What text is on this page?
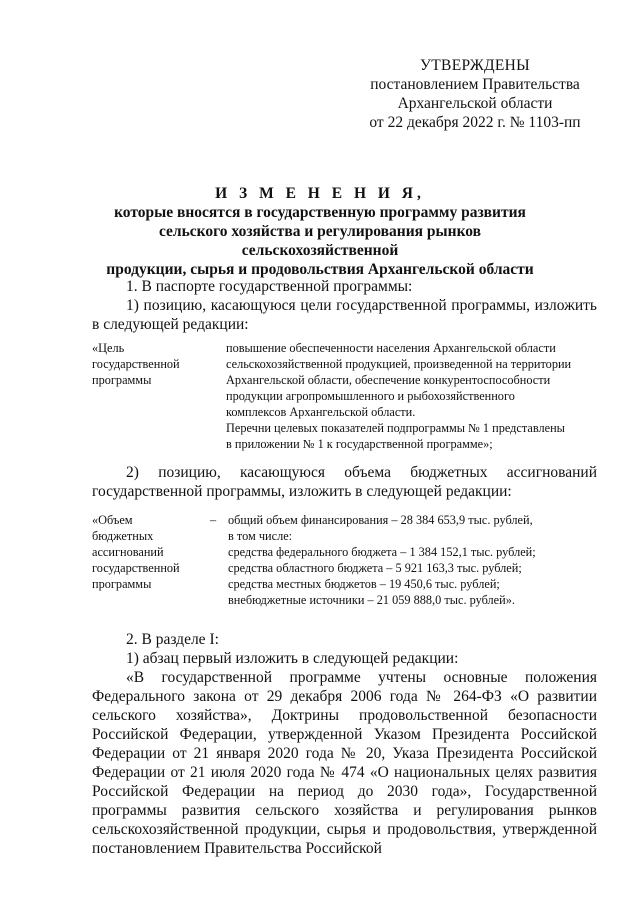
УТВЕРЖДЕНЫ
постановлением Правительства
Архангельской области
от 22 декабря 2022 г. № 1103-пп
И З М Е Н Е Н И Я,
которые вносятся в государственную программу развития
сельского хозяйства и регулирования рынков сельскохозяйственной
продукции, сырья и продовольствия Архангельской области
1. В паспорте государственной программы:
1) позицию, касающуюся цели государственной программы, изложить в следующей редакции:
«Цель
государственной
программы
повышение обеспеченности населения Архангельской области
сельскохозяйственной продукцией, произведенной на территории
Архангельской области, обеспечение конкурентоспособности
продукции агропромышленного и рыбохозяйственного
комплексов Архангельской области.
Перечни целевых показателей подпрограммы № 1 представлены
в приложении № 1 к государственной программе»;
2) позицию, касающуюся объема бюджетных ассигнований государственной программы, изложить в следующей редакции:
«Объем
бюджетных
ассигнований
государственной
программы
– общий объем финансирования – 28 384 653,9 тыс. рублей,
в том числе:
средства федерального бюджета – 1 384 152,1 тыс. рублей;
средства областного бюджета – 5 921 163,3 тыс. рублей;
средства местных бюджетов – 19 450,6 тыс. рублей;
внебюджетные источники – 21 059 888,0 тыс. рублей».
2. В разделе I:
1) абзац первый изложить в следующей редакции:
«В государственной программе учтены основные положения Федерального закона от 29 декабря 2006 года № 264-ФЗ «О развитии сельского хозяйства», Доктрины продовольственной безопасности Российской Федерации, утвержденной Указом Президента Российской Федерации от 21 января 2020 года № 20, Указа Президента Российской Федерации от 21 июля 2020 года № 474 «О национальных целях развития Российской Федерации на период до 2030 года», Государственной программы развития сельского хозяйства и регулирования рынков сельскохозяйственной продукции, сырья и продовольствия, утвержденной постановлением Правительства Российской
